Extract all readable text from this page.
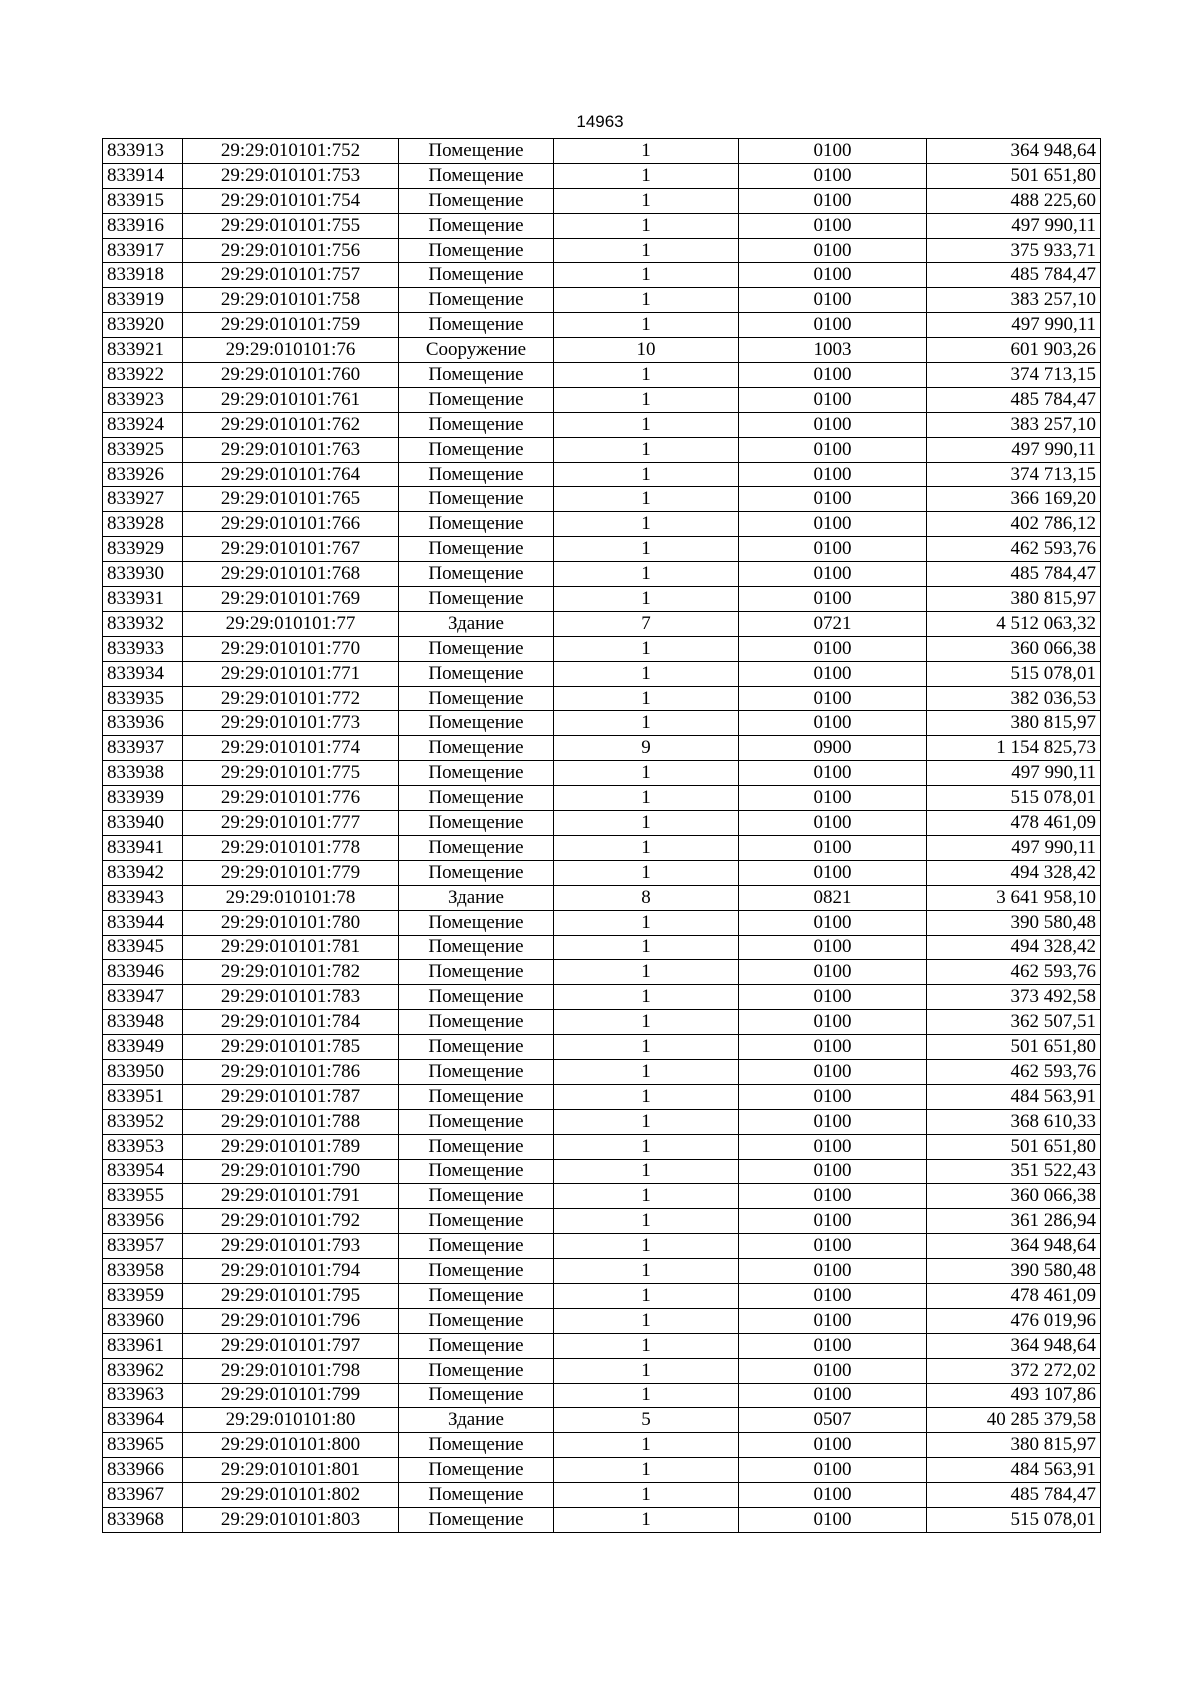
14963
833913	29:29:010101:752	Помещение	1	0100	364 948,64
833914	29:29:010101:753	Помещение	1	0100	501 651,80
833915	29:29:010101:754	Помещение	1	0100	488 225,60
833916	29:29:010101:755	Помещение	1	0100	497 990,11
833917	29:29:010101:756	Помещение	1	0100	375 933,71
833918	29:29:010101:757	Помещение	1	0100	485 784,47
833919	29:29:010101:758	Помещение	1	0100	383 257,10
833920	29:29:010101:759	Помещение	1	0100	497 990,11
833921	29:29:010101:76	Сооружение	10	1003	601 903,26
833922	29:29:010101:760	Помещение	1	0100	374 713,15
833923	29:29:010101:761	Помещение	1	0100	485 784,47
833924	29:29:010101:762	Помещение	1	0100	383 257,10
833925	29:29:010101:763	Помещение	1	0100	497 990,11
833926	29:29:010101:764	Помещение	1	0100	374 713,15
833927	29:29:010101:765	Помещение	1	0100	366 169,20
833928	29:29:010101:766	Помещение	1	0100	402 786,12
833929	29:29:010101:767	Помещение	1	0100	462 593,76
833930	29:29:010101:768	Помещение	1	0100	485 784,47
833931	29:29:010101:769	Помещение	1	0100	380 815,97
833932	29:29:010101:77	Здание	7	0721	4 512 063,32
833933	29:29:010101:770	Помещение	1	0100	360 066,38
833934	29:29:010101:771	Помещение	1	0100	515 078,01
833935	29:29:010101:772	Помещение	1	0100	382 036,53
833936	29:29:010101:773	Помещение	1	0100	380 815,97
833937	29:29:010101:774	Помещение	9	0900	1 154 825,73
833938	29:29:010101:775	Помещение	1	0100	497 990,11
833939	29:29:010101:776	Помещение	1	0100	515 078,01
833940	29:29:010101:777	Помещение	1	0100	478 461,09
833941	29:29:010101:778	Помещение	1	0100	497 990,11
833942	29:29:010101:779	Помещение	1	0100	494 328,42
833943	29:29:010101:78	Здание	8	0821	3 641 958,10
833944	29:29:010101:780	Помещение	1	0100	390 580,48
833945	29:29:010101:781	Помещение	1	0100	494 328,42
833946	29:29:010101:782	Помещение	1	0100	462 593,76
833947	29:29:010101:783	Помещение	1	0100	373 492,58
833948	29:29:010101:784	Помещение	1	0100	362 507,51
833949	29:29:010101:785	Помещение	1	0100	501 651,80
833950	29:29:010101:786	Помещение	1	0100	462 593,76
833951	29:29:010101:787	Помещение	1	0100	484 563,91
833952	29:29:010101:788	Помещение	1	0100	368 610,33
833953	29:29:010101:789	Помещение	1	0100	501 651,80
833954	29:29:010101:790	Помещение	1	0100	351 522,43
833955	29:29:010101:791	Помещение	1	0100	360 066,38
833956	29:29:010101:792	Помещение	1	0100	361 286,94
833957	29:29:010101:793	Помещение	1	0100	364 948,64
833958	29:29:010101:794	Помещение	1	0100	390 580,48
833959	29:29:010101:795	Помещение	1	0100	478 461,09
833960	29:29:010101:796	Помещение	1	0100	476 019,96
833961	29:29:010101:797	Помещение	1	0100	364 948,64
833962	29:29:010101:798	Помещение	1	0100	372 272,02
833963	29:29:010101:799	Помещение	1	0100	493 107,86
833964	29:29:010101:80	Здание	5	0507	40 285 379,58
833965	29:29:010101:800	Помещение	1	0100	380 815,97
833966	29:29:010101:801	Помещение	1	0100	484 563,91
833967	29:29:010101:802	Помещение	1	0100	485 784,47
833968	29:29:010101:803	Помещение	1	0100	515 078,01
